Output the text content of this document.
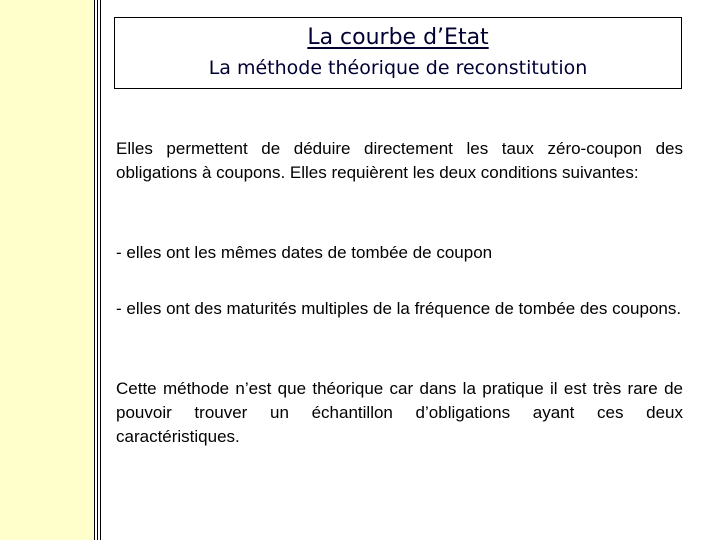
La courbe d’Etat
La méthode théorique de reconstitution

Elles permettent de déduire directement les taux zéro-coupon des obligations à coupons. Elles requièrent les deux conditions suivantes:

- elles ont les mêmes dates de tombée de coupon

- elles ont des maturités multiples de la fréquence de tombée des coupons.

Cette méthode n’est que théorique car dans la pratique il est très rare de pouvoir trouver un échantillon d’obligations ayant ces deux caractéristiques.
